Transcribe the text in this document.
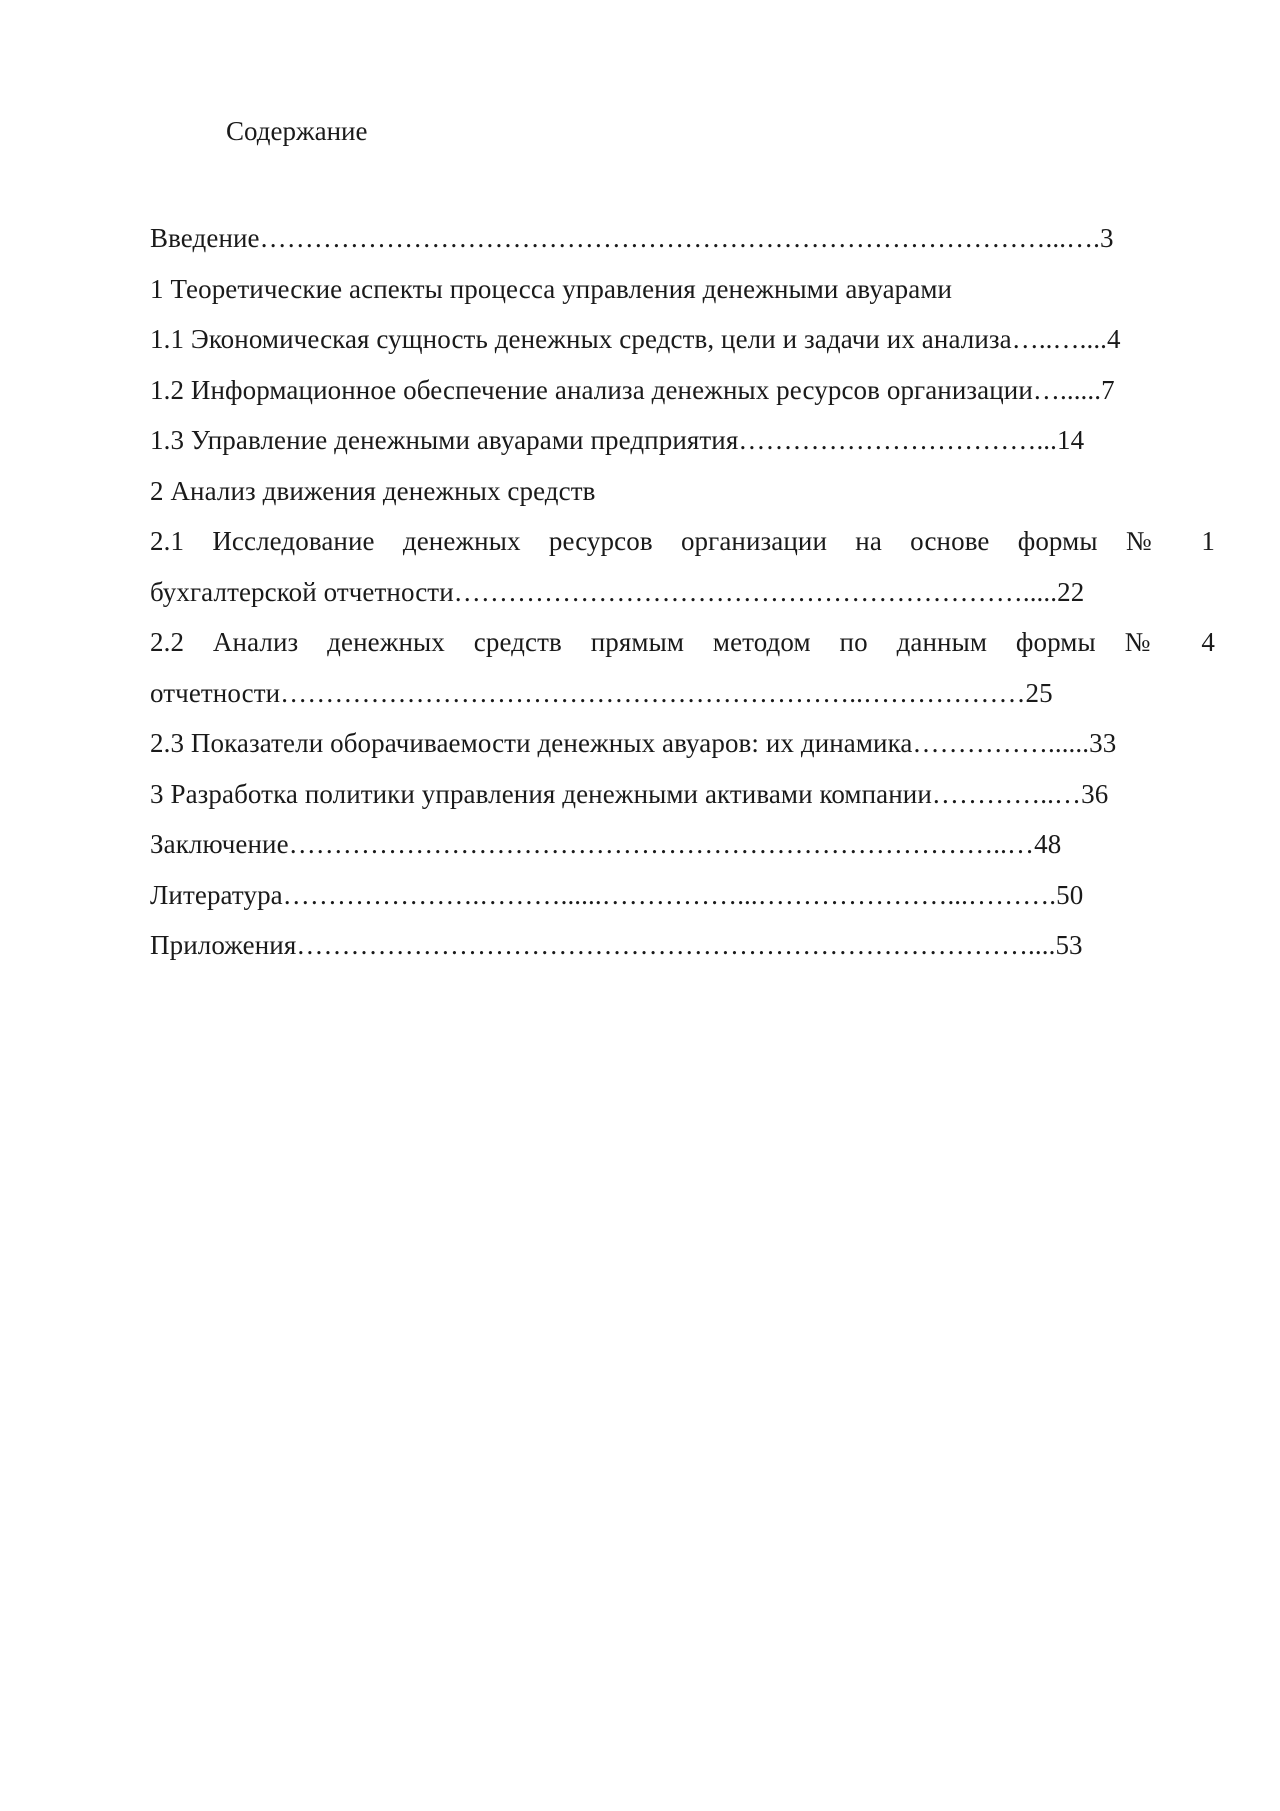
Содержание
Введение……………………………………………………………………………...….3
1 Теоретические аспекты процесса управления денежными авуарами
1.1 Экономическая сущность денежных средств, цели и задачи их анализа…..…....4
1.2 Информационное обеспечение анализа денежных ресурсов организации…......7
1.3 Управление денежными авуарами предприятия……………………………...14
2 Анализ движения денежных средств
2.1 Исследование денежных ресурсов организации на основе формы № 1
бухгалтерской отчетности……………………………………………………….....22
2.2 Анализ денежных средств прямым методом по данным формы № 4
отчетности………………………………………………………..………………25
2.3 Показатели оборачиваемости денежных авуаров: их динамика……………......33
3 Разработка политики управления денежными активами компании…………..…36
Заключение……………………………………………………………………..…48
Литература………………….………......……………...…………………...……….50
Приложения………………………………………………………………………....53
